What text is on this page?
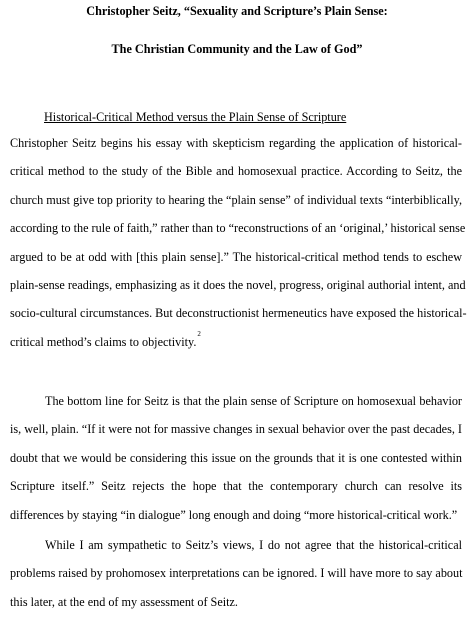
Christopher Seitz, “Sexuality and Scripture’s Plain Sense:

The Christian Community and the Law of God”

Historical-Critical Method versus the Plain Sense of Scripture

Christopher Seitz begins his essay with skepticism regarding the application of historical-
critical method to the study of the Bible and homosexual practice. According to Seitz, the
church must give top priority to hearing the “plain sense” of individual texts “interbiblically,
according to the rule of faith,” rather than to “reconstructions of an ‘original,’ historical sense
argued to be at odd with [this plain sense].” The historical-critical method tends to eschew
plain-sense readings, emphasizing as it does the novel, progress, original authorial intent, and
socio-cultural circumstances. But deconstructionist hermeneutics have exposed the historical-
critical method’s claims to objectivity.$^2$
The bottom line for Seitz is that the plain sense of Scripture on homosexual behavior
is, well, plain. “If it were not for massive changes in sexual behavior over the past decades, I
doubt that we would be considering this issue on the grounds that it is one contested within
Scripture itself.” Seitz rejects the hope that the contemporary church can resolve its
differences by staying “in dialogue” long enough and doing “more historical-critical work.”
While I am sympathetic to Seitz’s views, I do not agree that the historical-critical
problems raised by prohomosex interpretations can be ignored. I will have more to say about
this later, at the end of my assessment of Seitz.
